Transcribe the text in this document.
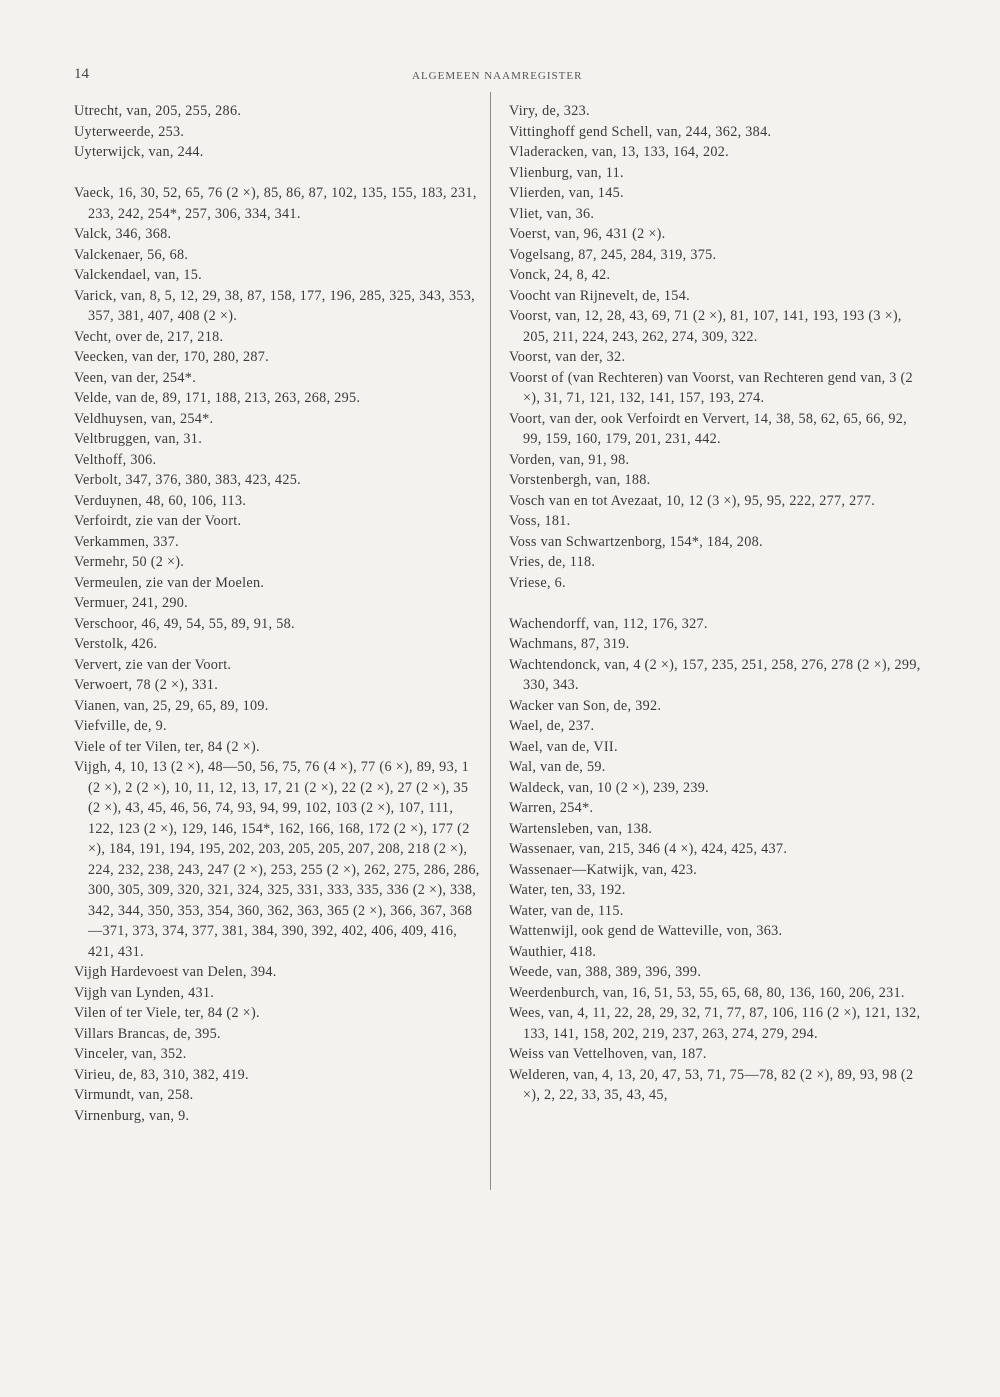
14	ALGEMEEN NAAMREGISTER
Utrecht, van, 205, 255, 286.
Uyterweerde, 253.
Uyterwijck, van, 244.
Vaeck, 16, 30, 52, 65, 76 (2 ×), 85, 86, 87, 102, 135, 155, 183, 231, 233, 242, 254*, 257, 306, 334, 341.
Valck, 346, 368.
Valckenaer, 56, 68.
Valckendael, van, 15.
Varick, van, 8, 5, 12, 29, 38, 87, 158, 177, 196, 285, 325, 343, 353, 357, 381, 407, 408 (2 ×).
Vecht, over de, 217, 218.
Veecken, van der, 170, 280, 287.
Veen, van der, 254*.
Velde, van de, 89, 171, 188, 213, 263, 268, 295.
Veldhuysen, van, 254*.
Veltbruggen, van, 31.
Velthoff, 306.
Verbolt, 347, 376, 380, 383, 423, 425.
Verduynen, 48, 60, 106, 113.
Verfoirdt, zie van der Voort.
Verkammen, 337.
Vermehr, 50 (2 ×).
Vermeulen, zie van der Moelen.
Vermuer, 241, 290.
Verschoor, 46, 49, 54, 55, 89, 91, 58.
Verstolk, 426.
Ververt, zie van der Voort.
Verwoert, 78 (2 ×), 331.
Vianen, van, 25, 29, 65, 89, 109.
Viefville, de, 9.
Viele of ter Vilen, ter, 84 (2 ×).
Vijgh, 4, 10, 13 (2 ×), 48—50, 56, 75, 76 (4 ×), 77 (6 ×), 89, 93, 1 (2 ×), 2 (2 ×), 10, 11, 12, 13, 17, 21 (2 ×), 22 (2 ×), 27 (2 ×), 35 (2 ×), 43, 45, 46, 56, 74, 93, 94, 99, 102, 103 (2 ×), 107, 111, 122, 123 (2 ×), 129, 146, 154*, 162, 166, 168, 172 (2 ×), 177 (2 ×), 184, 191, 194, 195, 202, 203, 205, 205, 207, 208, 218 (2 ×), 224, 232, 238, 243, 247 (2 ×), 253, 255 (2 ×), 262, 275, 286, 286, 300, 305, 309, 320, 321, 324, 325, 331, 333, 335, 336 (2 ×), 338, 342, 344, 350, 353, 354, 360, 362, 363, 365 (2 ×), 366, 367, 368—371, 373, 374, 377, 381, 384, 390, 392, 402, 406, 409, 416, 421, 431.
Vijgh Hardevoest van Delen, 394.
Vijgh van Lynden, 431.
Vilen of ter Viele, ter, 84 (2 ×).
Villars Brancas, de, 395.
Vinceler, van, 352.
Virieu, de, 83, 310, 382, 419.
Virmundt, van, 258.
Virnenburg, van, 9.
Viry, de, 323.
Vittinghoff gend Schell, van, 244, 362, 384.
Vladeracken, van, 13, 133, 164, 202.
Vlienburg, van, 11.
Vlierden, van, 145.
Vliet, van, 36.
Voerst, van, 96, 431 (2 ×).
Vogelsang, 87, 245, 284, 319, 375.
Vonck, 24, 8, 42.
Voocht van Rijnevelt, de, 154.
Voorst, van, 12, 28, 43, 69, 71 (2 ×), 81, 107, 141, 193, 193 (3 ×), 205, 211, 224, 243, 262, 274, 309, 322.
Voorst, van der, 32.
Voorst of (van Rechteren) van Voorst, van Rechteren gend van, 3 (2 ×), 31, 71, 121, 132, 141, 157, 193, 274.
Voort, van der, ook Verfoirdt en Ververt, 14, 38, 58, 62, 65, 66, 92, 99, 159, 160, 179, 201, 231, 442.
Vorden, van, 91, 98.
Vorstenbergh, van, 188.
Vosch van en tot Avezaat, 10, 12 (3 ×), 95, 95, 222, 277, 277.
Voss, 181.
Voss van Schwartzenborg, 154*, 184, 208.
Vries, de, 118.
Vriese, 6.
Wachendorff, van, 112, 176, 327.
Wachmans, 87, 319.
Wachtendonck, van, 4 (2 ×), 157, 235, 251, 258, 276, 278 (2 ×), 299, 330, 343.
Wacker van Son, de, 392.
Wael, de, 237.
Wael, van de, VII.
Wal, van de, 59.
Waldeck, van, 10 (2 ×), 239, 239.
Warren, 254*.
Wartensleben, van, 138.
Wassenaer, van, 215, 346 (4 ×), 424, 425, 437.
Wassenaer—Katwijk, van, 423.
Water, ten, 33, 192.
Water, van de, 115.
Wattenwijl, ook gend de Watteville, von, 363.
Wauthier, 418.
Weede, van, 388, 389, 396, 399.
Weerdenburch, van, 16, 51, 53, 55, 65, 68, 80, 136, 160, 206, 231.
Wees, van, 4, 11, 22, 28, 29, 32, 71, 77, 87, 106, 116 (2 ×), 121, 132, 133, 141, 158, 202, 219, 237, 263, 274, 279, 294.
Weiss van Vettelhoven, van, 187.
Welderen, van, 4, 13, 20, 47, 53, 71, 75—78, 82 (2 ×), 89, 93, 98 (2 ×), 2, 22, 33, 35, 43, 45,
